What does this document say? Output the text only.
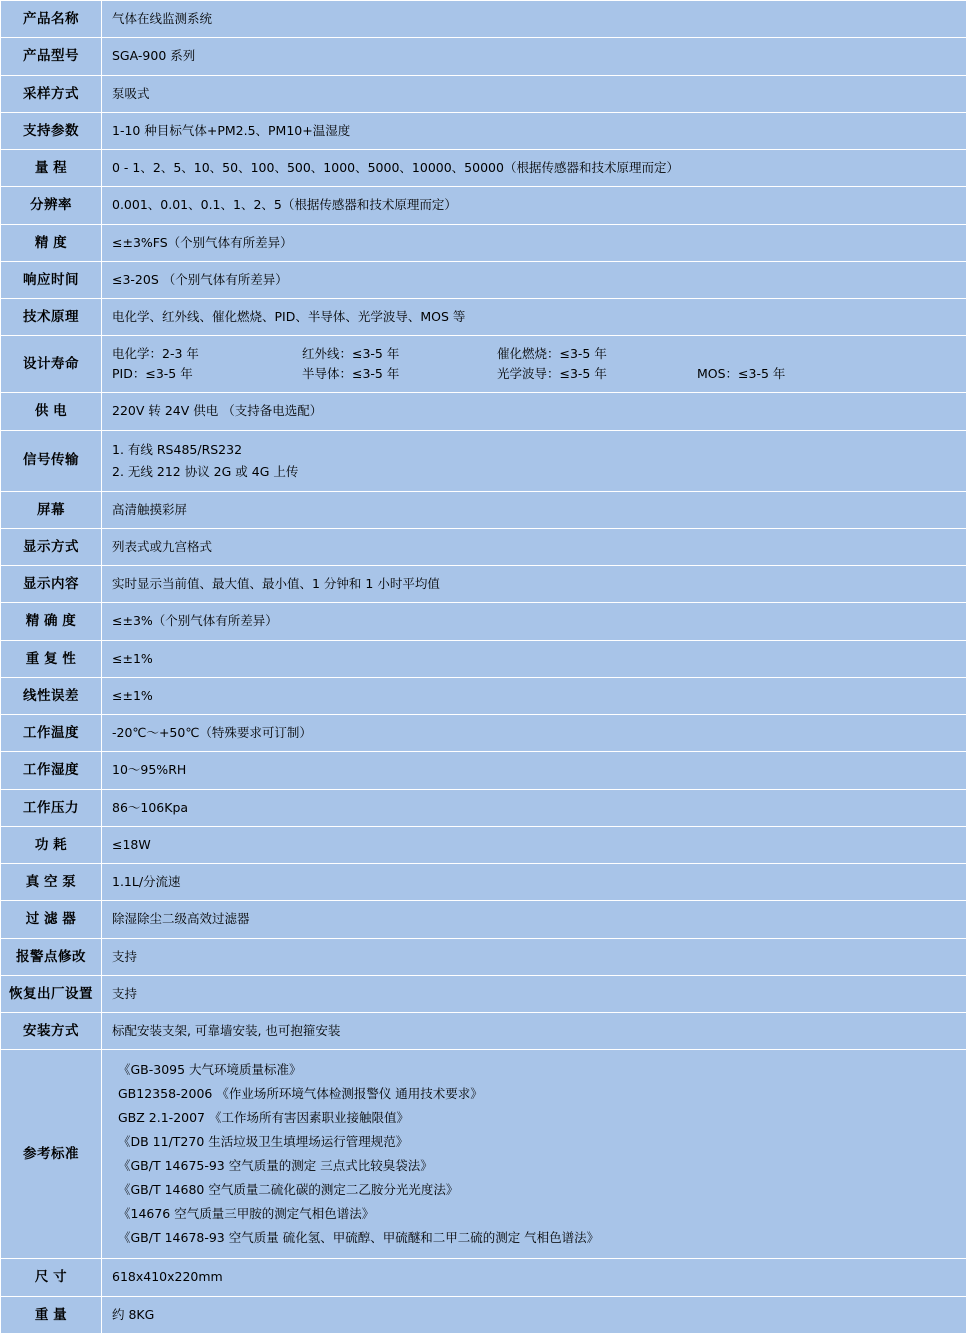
产品名称	气体在线监测系统
产品型号	SGA-900 系列
采样方式	泵吸式
支持参数	1-10 种目标气体+PM2.5、PM10+温湿度
量 程	0 - 1、2、5、10、50、100、500、1000、5000、10000、50000（根据传感器和技术原理而定）
分辨率	0.001、0.01、0.1、1、2、5（根据传感器和技术原理而定）
精 度	≤±3%FS（个别气体有所差异）
响应时间	≤3-20S （个别气体有所差异）
技术原理	电化学、红外线、催化燃烧、PID、半导体、光学波导、MOS 等
设计寿命	
电化学：2-3 年	红外线：≤3-5 年	催化燃烧：≤3-5 年
PID：≤3-5 年	半导体：≤3-5 年	光学波导：≤3-5 年	MOS：≤3-5 年

供 电	220V 转 24V 供电 （支持备电选配）
信号传输	1. 有线 RS485/RS232
2. 无线 212 协议 2G 或 4G 上传

屏幕	高清触摸彩屏
显示方式	列表式或九宫格式
显示内容	实时显示当前值、最大值、最小值、1 分钟和 1 小时平均值
精 确 度	≤±3%（个别气体有所差异）
重 复 性	≤±1%
线性误差	≤±1%
工作温度	-20℃～+50℃（特殊要求可订制）
工作湿度	10～95%RH
工作压力	86～106Kpa
功 耗	≤18W
真 空 泵	1.1L/分流速
过 滤 器	除湿除尘二级高效过滤器
报警点修改	支持
恢复出厂设置	支持
安装方式	标配安装支架, 可靠墙安装, 也可抱箍安装
参考标准	
《GB-3095 大气环境质量标准》
GB12358-2006 《作业场所环境气体检测报警仪 通用技术要求》
GBZ 2.1-2007 《工作场所有害因素职业接触限值》
《DB 11/T270 生活垃圾卫生填埋场运行管理规范》
《GB/T 14675-93 空气质量的测定 三点式比较臭袋法》
《GB/T 14680 空气质量二硫化碳的测定二乙胺分光光度法》
《14676 空气质量三甲胺的测定气相色谱法》
《GB/T 14678-93 空气质量 硫化氢、甲硫醇、甲硫醚和二甲二硫的测定 气相色谱法》

尺 寸	618x410x220mm
重 量	约 8KG
